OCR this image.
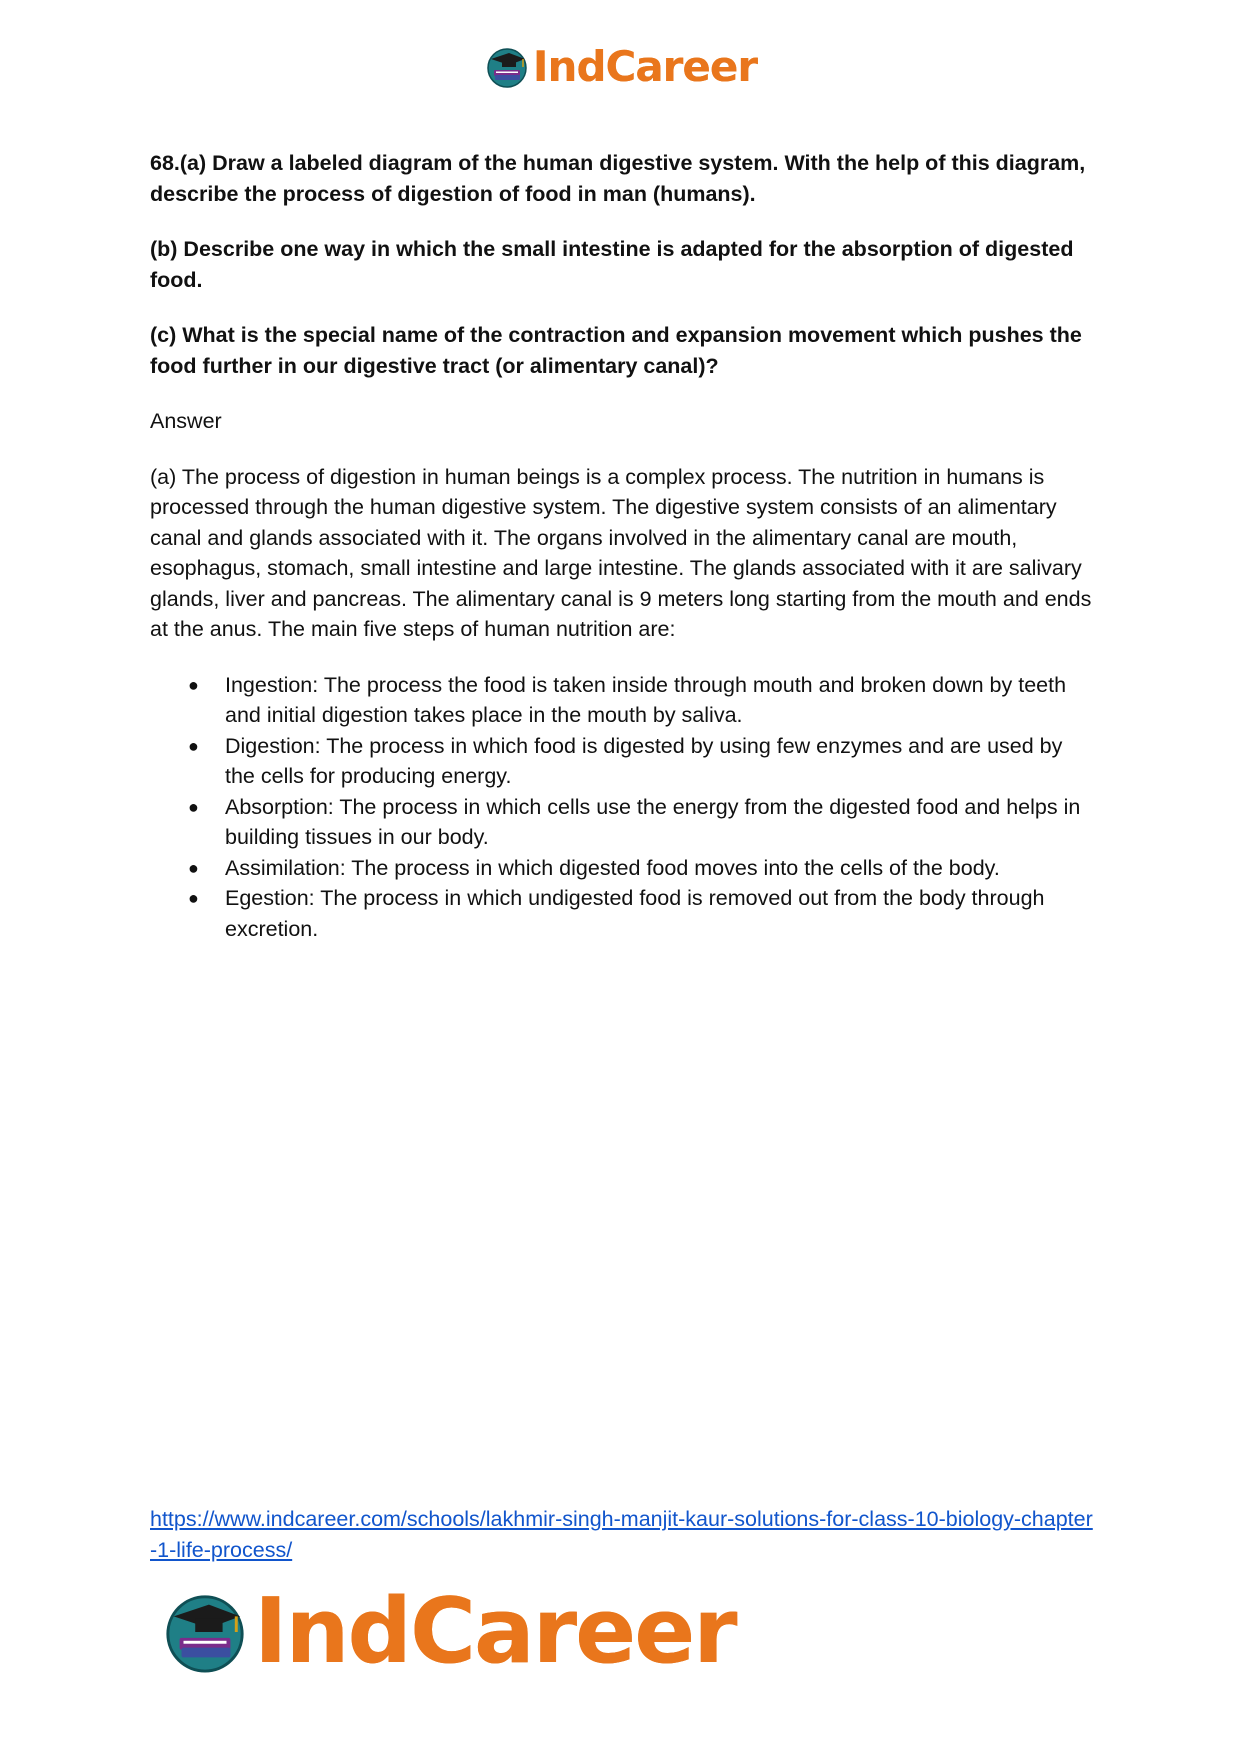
IndCareer

68.(a) Draw a labeled diagram of the human digestive system. With the help of this diagram, describe the process of digestion of food in man (humans).

(b) Describe one way in which the small intestine is adapted for the absorption of digested food.

(c) What is the special name of the contraction and expansion movement which pushes the food further in our digestive tract (or alimentary canal)?

Answer

(a) The process of digestion in human beings is a complex process. The nutrition in humans is processed through the human digestive system. The digestive system consists of an alimentary canal and glands associated with it. The organs involved in the alimentary canal are mouth, esophagus, stomach, small intestine and large intestine. The glands associated with it are salivary glands, liver and pancreas. The alimentary canal is 9 meters long starting from the mouth and ends at the anus. The main five steps of human nutrition are:

● Ingestion: The process the food is taken inside through mouth and broken down by teeth and initial digestion takes place in the mouth by saliva.
● Digestion: The process in which food is digested by using few enzymes and are used by the cells for producing energy.
● Absorption: The process in which cells use the energy from the digested food and helps in building tissues in our body.
● Assimilation: The process in which digested food moves into the cells of the body.
● Egestion: The process in which undigested food is removed out from the body through excretion.
https://www.indcareer.com/schools/lakhmir-singh-manjit-kaur-solutions-for-class-10-biology-chapter-1-life-process/
IndCareer
